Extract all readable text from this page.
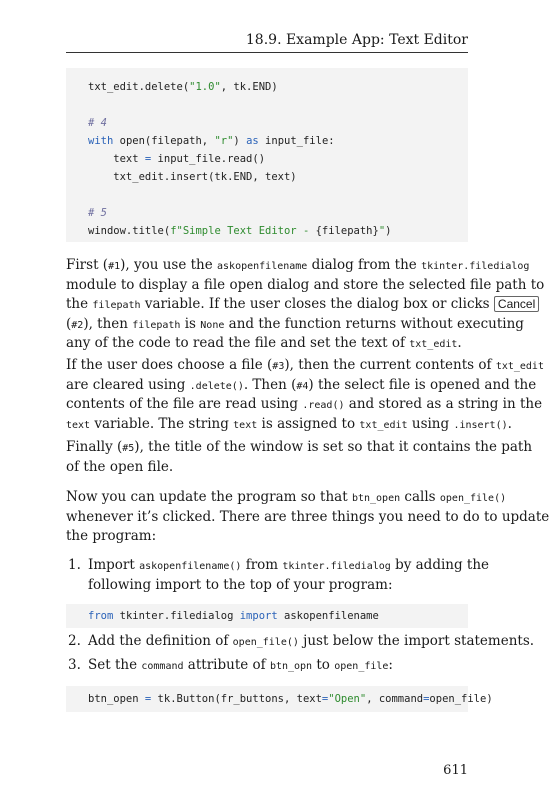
18.9. Example App: Text Editor
txt_edit.delete("1.0", tk.END)
# 4
with open(filepath, "r") as input_file:
text = input_file.read()
txt_edit.insert(tk.END, text)
# 5
window.title(f"Simple Text Editor - {filepath}")
First (#1), you use the askopenfilename dialog from the tkinter.filedialog
module to display a file open dialog and store the selected file path to
the filepath variable. If the user closes the dialog box or clicks Cancel
(#2), then filepath is None and the function returns without executing
any of the code to read the file and set the text of txt_edit.
If the user does choose a file (#3), then the current contents of txt_edit
are cleared using .delete(). Then (#4) the select file is opened and the
contents of the file are read using .read() and stored as a string in the
text variable. The string text is assigned to txt_edit using .insert().
Finally (#5), the title of the window is set so that it contains the path
of the open file.
Now you can update the program so that btn_open calls open_file()
whenever it’s clicked. There are three things you need to do to update
the program:
1. Import askopenfilename() from tkinter.filedialog by adding the
following import to the top of your program:
from tkinter.filedialog import askopenfilename
2. Add the definition of open_file() just below the import statements.
3. Set the command attribute of btn_opn to open_file:
btn_open = tk.Button(fr_buttons, text="Open", command=open_file)
611
